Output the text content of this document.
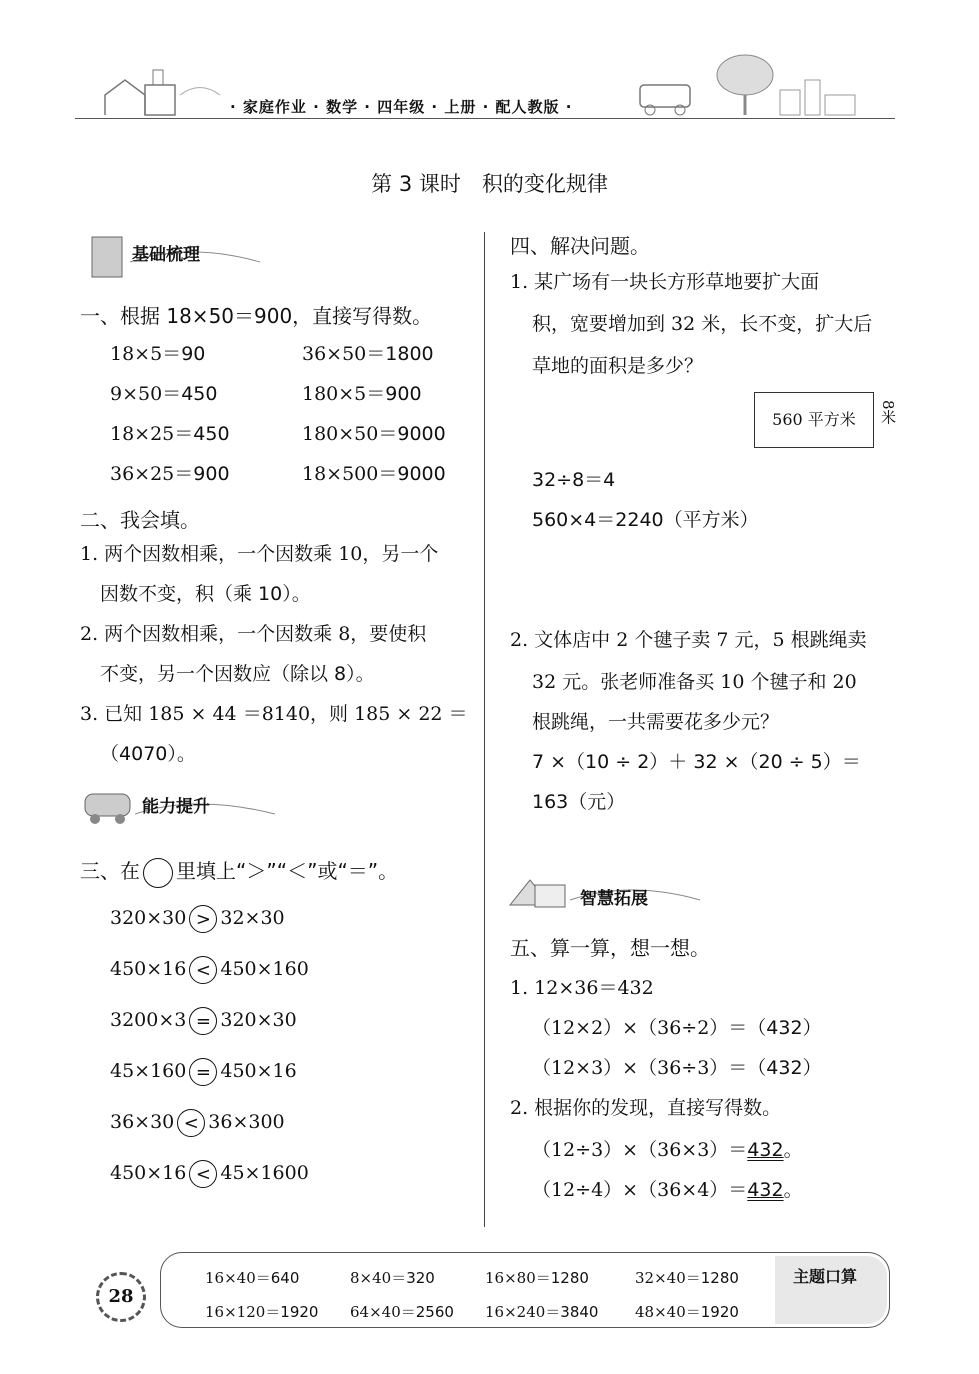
· 家庭作业 · 数学 · 四年级 · 上册 · 配人教版 ·
第 3 课时　积的变化规律
基础梳理
一、根据 18×50＝900，直接写得数。
18×5＝90	36×50＝1800
9×50＝450	180×5＝900
18×25＝450	180×50＝9000
36×25＝900	18×500＝9000
二、我会填。
1. 两个因数相乘，一个因数乘 10，另一个
因数不变，积（乘 10）。
2. 两个因数相乘，一个因数乘 8，要使积
不变，另一个因数应（除以 8）。
3. 已知 185 × 44 ＝8140，则 185 × 22 ＝
（4070）。
能力提升
三、在 里填上“＞”“＜”或“＝”。
320×30 > 32×30
450×16 < 450×160
3200×3 = 320×30
45×160 = 450×16
36×30 < 36×300
450×16 < 45×1600
四、解决问题。
1. 某广场有一块长方形草地要扩大面
积，宽要增加到 32 米，长不变，扩大后
草地的面积是多少？
560 平方米	8米
32÷8＝4
560×4＝2240（平方米）
2. 文体店中 2 个毽子卖 7 元，5 根跳绳卖
32 元。张老师准备买 10 个毽子和 20
根跳绳，一共需要花多少元？
7 ×（10 ÷ 2）＋ 32 ×（20 ÷ 5）＝
163（元）
智慧拓展
五、算一算，想一想。
1. 12×36＝432
（12×2）×（36÷2）＝（432）
（12×3）×（36÷3）＝（432）
2. 根据你的发现，直接写得数。
（12÷3）×（36×3）＝432。
（12÷4）×（36×4）＝432。
28
主题口算
16×40＝640	8×40＝320	16×80＝1280	32×40＝1280
16×120＝1920 64×40＝2560 16×240＝3840 48×40＝1920
